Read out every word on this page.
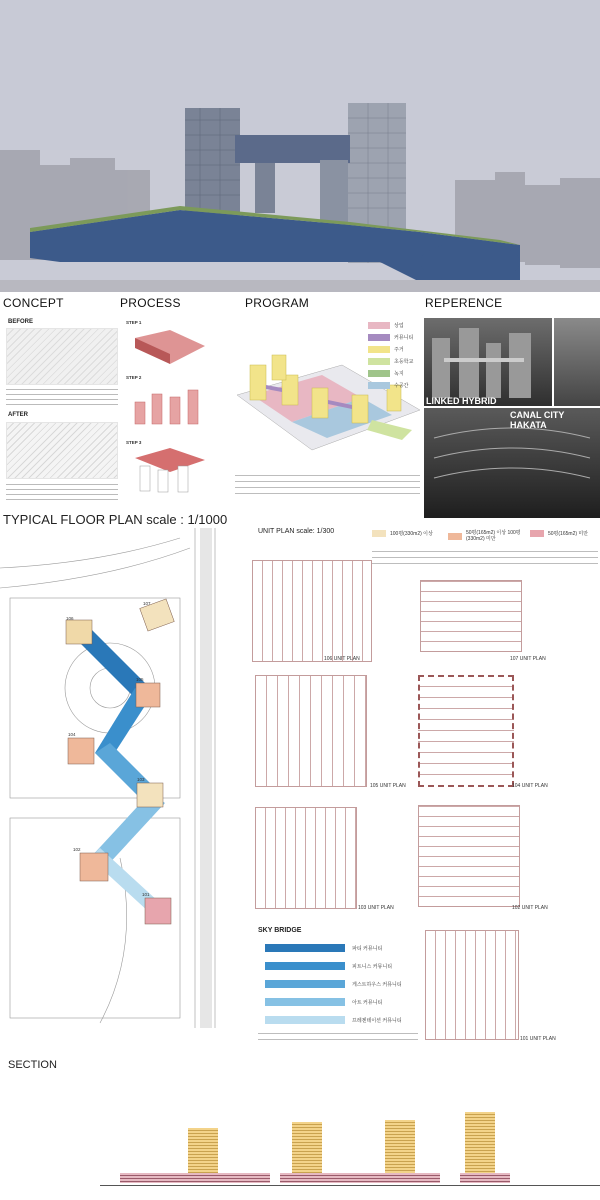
CONCEPT	PROCESS	PROGRAM	REPERENCE
BEFORE
AFTER
STEP 1
STEP 2
STEP 3
상업
커뮤니티
주거
초등학교
녹지
수공간
LINKED HYBRID
CANAL CITY HAKATA
TYPICAL FLOOR PLAN scale : 1/1000
106
107
105
104
103
102
101
UNIT PLAN scale: 1/300	100평(330m2) 이상	50평(165m2) 이상 100평(330m2) 미만
50평(165m2) 미만
106 UNIT PLAN	107 UNIT PLAN
105 UNIT PLAN	104 UNIT PLAN
103 UNIT PLAN	102 UNIT PLAN
101 UNIT PLAN
SKY BRIDGE
파티 커뮤니티
피트니스 커뮤니티
게스트하우스 커뮤니티
아트 커뮤니티
프레젠테이션 커뮤니티
SECTION
